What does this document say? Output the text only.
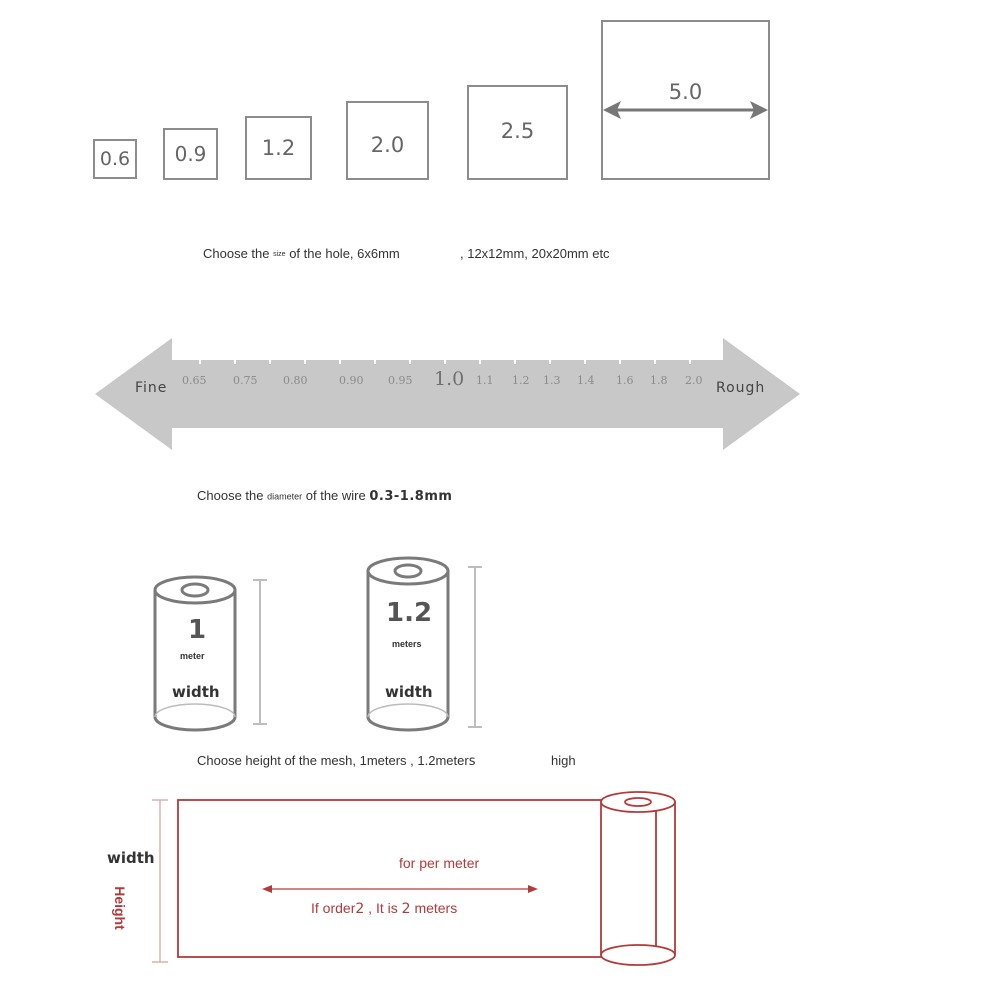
0.6 0.9	1.2	2.0
2.5
5.0
Choose the size of the hole, 6x6mm	, 12x12mm, 20x20mm etc
Fine	Rough
0.65 0.75 0.80	0.90 0.95 1.0 1.1 1.2 1.3 1.4 1.6 1.8 2.0
Choose the diameter of the wire 0.3-1.8mm
1
meter
width
1.2
meters
width
Choose height of the mesh, 1meters , 1.2meters	high
width
Height
for per meter
If order2 , It is 2 meters
